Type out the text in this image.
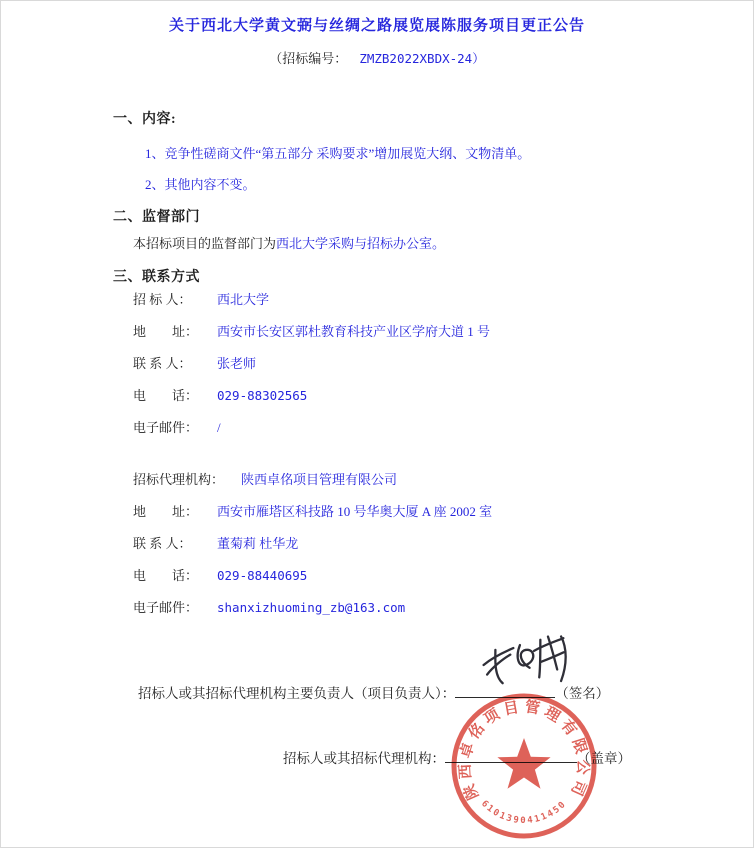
关于西北大学黄文弼与丝绸之路展览展陈服务项目更正公告
（招标编号： ZMZB2022XBDX-24）
一、内容:
1、竞争性磋商文件“第五部分 采购要求”增加展览大纲、文物清单。
2、其他内容不变。
二、监督部门
本招标项目的监督部门为西北大学采购与招标办公室。
三、联系方式
招 标 人： 西北大学
地　　址： 西安市长安区郭杜教育科技产业区学府大道 1 号
联 系 人： 张老师
电　　话： 029-88302565
电子邮件： /
招标代理机构： 陕西卓佲项目管理有限公司
地　　址： 西安市雁塔区科技路 10 号华奥大厦 A 座 2002 室
联 系 人： 董菊莉 杜华龙
电　　话： 029-88440695
电子邮件： shanxizhuoming_zb@163.com
招标人或其招标代理机构主要负责人（项目负责人）：	（签名）
招标人或其招标代理机构：	（盖章）
陕西卓佲项目管理有限公司
6101390411450
